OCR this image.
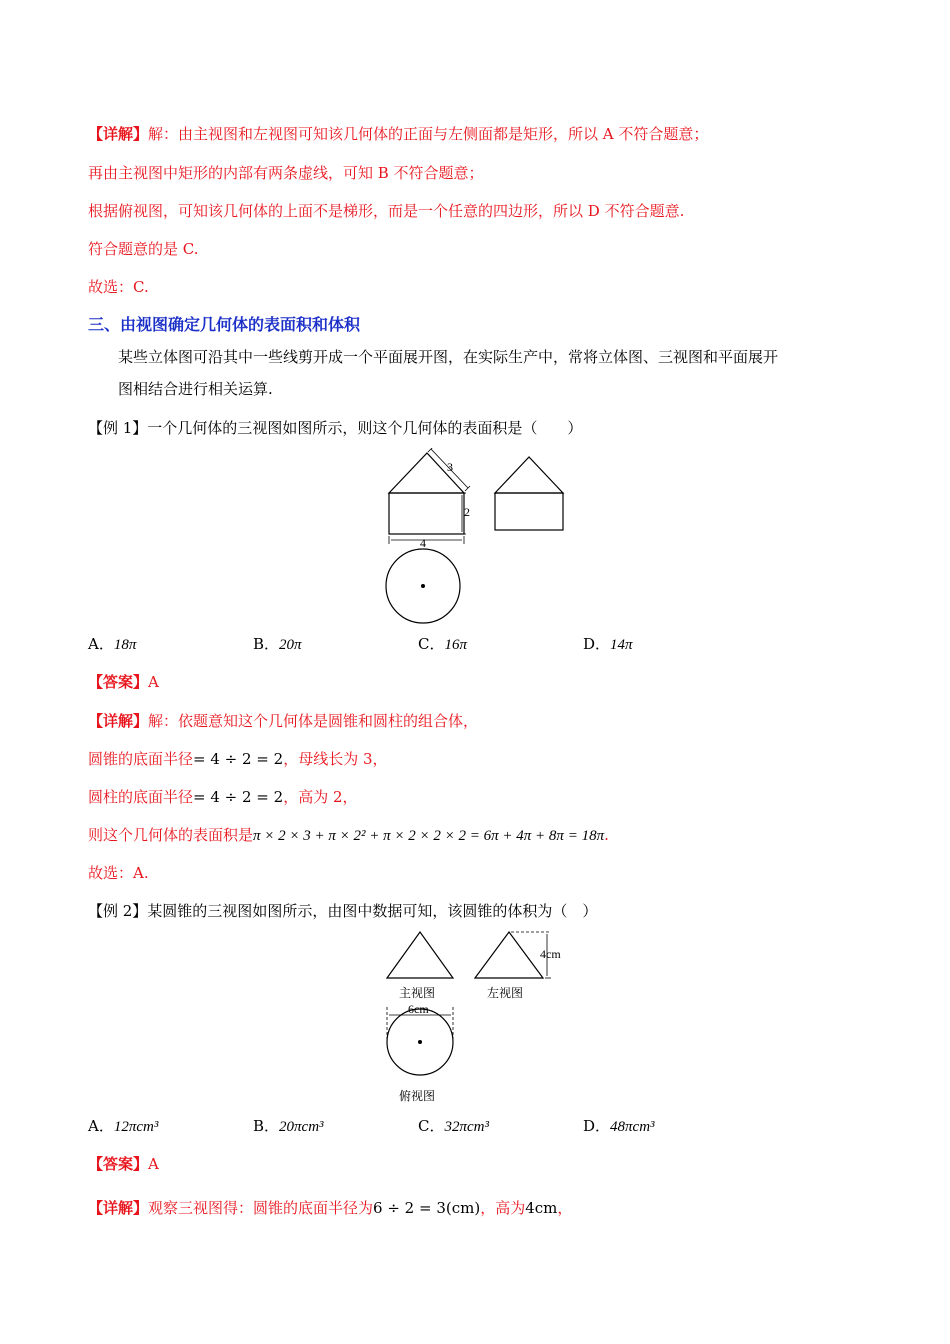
【详解】解：由主视图和左视图可知该几何体的正面与左侧面都是矩形，所以 A 不符合题意；
再由主视图中矩形的内部有两条虚线，可知 B 不符合题意；
根据俯视图，可知该几何体的上面不是梯形，而是一个任意的四边形，所以 D 不符合题意.
符合题意的是 C.
故选：C.
三、由视图确定几何体的表面积和体积
某些立体图可沿其中一些线剪开成一个平面展开图，在实际生产中，常将立体图、三视图和平面展开
图相结合进行相关运算.
【例 1】一个几何体的三视图如图所示，则这个几何体的表面积是（　　）
3
2
4
A．18π	B．20π	C．16π	D．14π
【答案】A
【详解】解：依题意知这个几何体是圆锥和圆柱的组合体，
圆锥的底面半径= 4 ÷ 2 = 2，母线长为 3，
圆柱的底面半径= 4 ÷ 2 = 2，高为 2，
则这个几何体的表面积是π × 2 × 3 + π × 2² + π × 2 × 2 × 2 = 6π + 4π + 8π = 18π.
故选：A.
【例 2】某圆锥的三视图如图所示，由图中数据可知，该圆锥的体积为（　）
主视图	左视图
4cm
6cm
俯视图
A．12πcm³	B．20πcm³	C．32πcm³	D．48πcm³
【答案】A
【详解】观察三视图得：圆锥的底面半径为6 ÷ 2 = 3(cm)，高为4cm，
